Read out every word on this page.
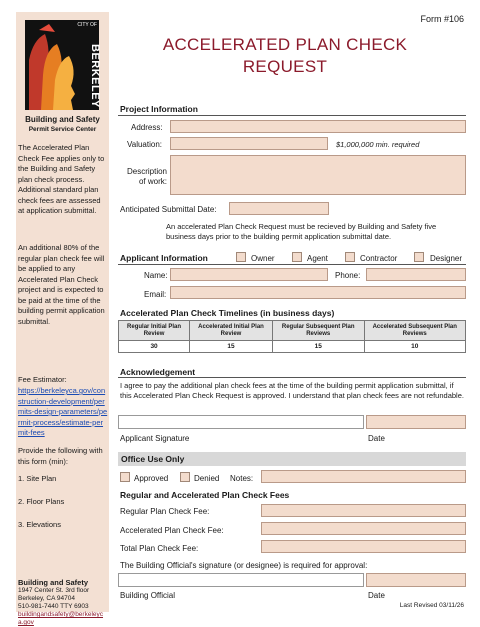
CITY OF
BERKELEY
Building and Safety
Permit Service Center
The Accelerated Plan Check Fee applies only to the Building and Safety plan check process. Additional standard plan check fees are assessed at application submittal.
An additional 80% of the regular plan check fee will be applied to any Accelerated Plan Check project and is expected to be paid at the time of the building permit application submittal.
Fee Estimator:
https://berkeleyca.gov/construction-development/permits-design-parameters/permit-process/estimate-permit-fees
Provide the following with this form (min):
1. Site Plan
2. Floor Plans
3. Elevations
Building and Safety
1947 Center St. 3rd floor
Berkeley, CA 94704
510-981-7440 TTY 6903
buildingandsafety@berkeleyca.gov
Form #106
ACCELERATED PLAN CHECK
REQUEST
Project Information
Address:
Valuation:	$1,000,000 min. required
Description
of work:
Anticipated Submittal Date:
An accelerated Plan Check Request must be recieved by Building and Safety five business days prior to the building permit application submittal date.
Applicant Information	Owner	Agent	Contractor	Designer
Name:	Phone:
Email:
Accelerated Plan Check Timelines (in business days)
Regular Initial Plan Review	Accelerated Initial Plan Review	Regular Subsequent Plan Reviews	Accelerated Subsequent Plan Reviews
30	15	15	10
Acknowledgement
I agree to pay the additional plan check fees at the time of the building permit application submittal, if this Accelerated Plan Check Request is approved. I understand that plan check fees are not refundable.
Applicant Signature	Date
Office Use Only
Approved	Denied Notes:
Regular and Accelerated Plan Check Fees
Regular Plan Check Fee:
Accelerated Plan Check Fee:
Total Plan Check Fee:
The Building Official's signature (or designee) is required for approval:
Building Official	Date
Last Revised 03/11/26
